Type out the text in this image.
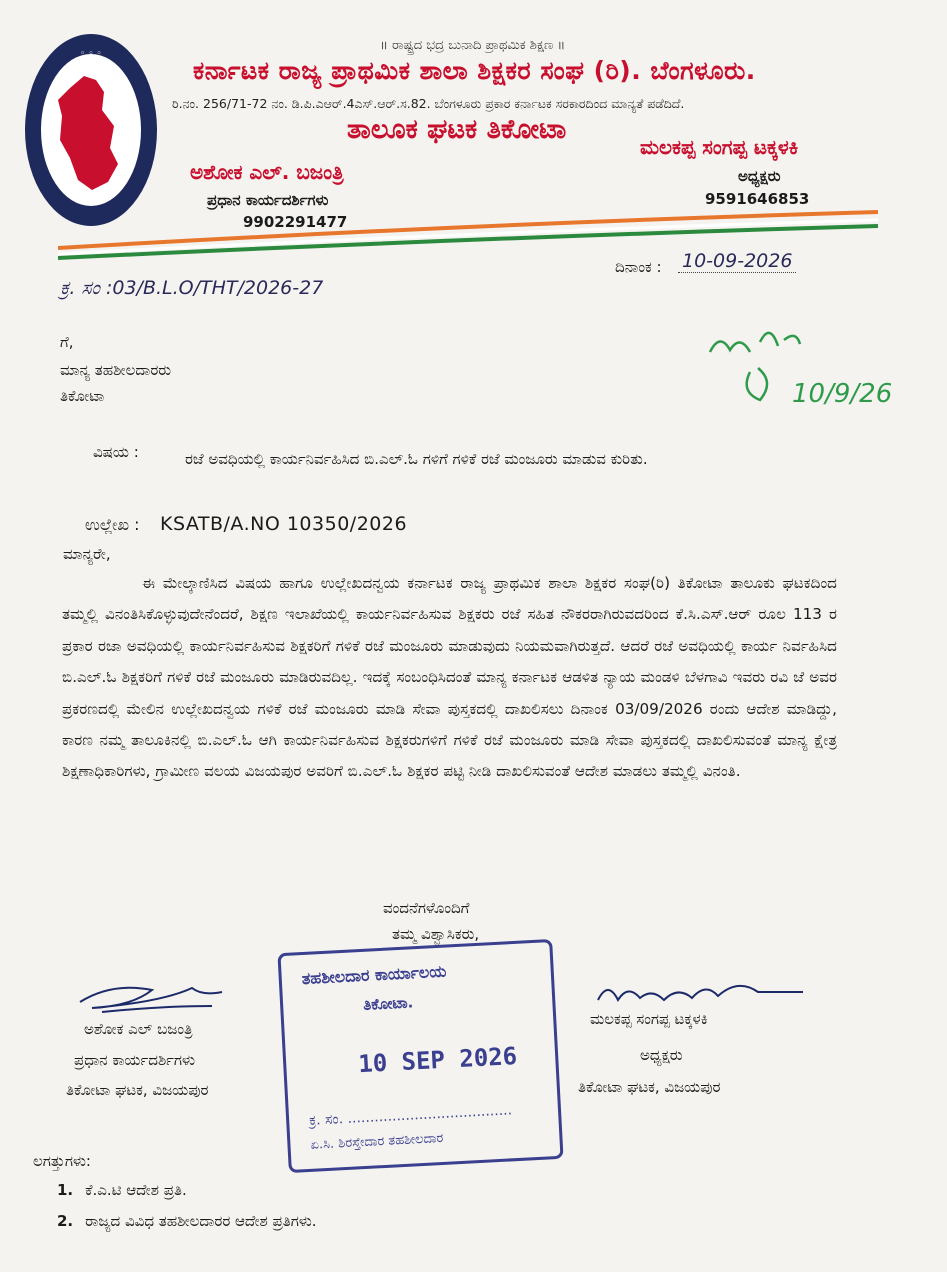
◦ ◦ ◦
॥ ರಾಷ್ಟ್ರದ ಭದ್ರ ಬುನಾದಿ ಪ್ರಾಥಮಿಕ ಶಿಕ್ಷಣ ॥
ಕರ್ನಾಟಕ ರಾಜ್ಯ ಪ್ರಾಥಮಿಕ ಶಾಲಾ ಶಿಕ್ಷಕರ ಸಂಘ (ರಿ). ಬೆಂಗಳೂರು.
ರಿ.ನಂ. 256/71-72 ನಂ. ಡಿ.ಪಿ.ಎಆರ್.4ಎಸ್.ಆರ್.ಸ.82. ಬೆಂಗಳೂರು ಪ್ರಕಾರ ಕರ್ನಾಟಕ ಸರಕಾರದಿಂದ ಮಾನ್ಯತೆ ಪಡೆದಿದೆ.
ತಾಲೂಕ ಘಟಕ ತಿಕೋಟಾ
ಅಶೋಕ ಎಲ್. ಬಜಂತ್ರಿ
ಪ್ರಧಾನ ಕಾರ್ಯದರ್ಶಿಗಳು
9902291477
ಮಲಕಪ್ಪ ಸಂಗಪ್ಪ ಟಕ್ಕಳಕಿ
ಅಧ್ಯಕ್ಷರು
9591646853
ಕ್ರ. ಸಂ :03/B.L.O/THT/2026-27
ದಿನಾಂಕ : 10-09-2026
ಗೆ,
ಮಾನ್ಯ ತಹಶೀಲದಾರರು
ತಿಕೋಟಾ	10/9/26
ವಿಷಯ :	ರಜೆ ಅವಧಿಯಲ್ಲಿ ಕಾರ್ಯನಿರ್ವಹಿಸಿದ ಬಿ.ಎಲ್.ಓ ಗಳಿಗೆ ಗಳಿಕೆ ರಜೆ ಮಂಜೂರು ಮಾಡುವ ಕುರಿತು.
ಉಲ್ಲೇಖ : KSATB/A.NO 10350/2026
ಮಾನ್ಯರೇ,
ಈ ಮೇಲ್ಕಾಣಿಸಿದ ವಿಷಯ ಹಾಗೂ ಉಲ್ಲೇಖದನ್ವಯ ಕರ್ನಾಟಕ ರಾಜ್ಯ ಪ್ರಾಥಮಿಕ ಶಾಲಾ ಶಿಕ್ಷಕರ ಸಂಘ(ರಿ) ತಿಕೋಟಾ ತಾಲೂಕು ಘಟಕದಿಂದ ತಮ್ಮಲ್ಲಿ ವಿನಂತಿಸಿಕೊಳ್ಳುವುದೇನೆಂದರೆ, ಶಿಕ್ಷಣ ಇಲಾಖೆಯಲ್ಲಿ ಕಾರ್ಯನಿರ್ವಹಿಸುವ ಶಿಕ್ಷಕರು ರಜೆ ಸಹಿತ ನೌಕರರಾಗಿರುವದರಿಂದ ಕೆ.ಸಿ.ಎಸ್.ಆರ್ ರೂಲ 113 ರ ಪ್ರಕಾರ ರಜಾ ಅವಧಿಯಲ್ಲಿ ಕಾರ್ಯನಿರ್ವಹಿಸುವ ಶಿಕ್ಷಕರಿಗೆ ಗಳಿಕೆ ರಜೆ ಮಂಜೂರು ಮಾಡುವುದು ನಿಯಮವಾಗಿರುತ್ತದೆ. ಆದರೆ ರಜೆ ಅವಧಿಯಲ್ಲಿ ಕಾರ್ಯ ನಿರ್ವಹಿಸಿದ ಬಿ.ಎಲ್.ಓ ಶಿಕ್ಷಕರಿಗೆ ಗಳಿಕೆ ರಜೆ ಮಂಜೂರು ಮಾಡಿರುವದಿಲ್ಲ. ಇದಕ್ಕೆ ಸಂಬಂಧಿಸಿದಂತೆ ಮಾನ್ಯ ಕರ್ನಾಟಕ ಆಡಳಿತ ನ್ಯಾಯ ಮಂಡಳಿ ಬೆಳಗಾವಿ ಇವರು ರವಿ ಜೆ ಅವರ ಪ್ರಕರಣದಲ್ಲಿ ಮೇಲಿನ ಉಲ್ಲೇಖದನ್ವಯ ಗಳಿಕೆ ರಜೆ ಮಂಜೂರು ಮಾಡಿ ಸೇವಾ ಪುಸ್ತಕದಲ್ಲಿ ದಾಖಲಿಸಲು ದಿನಾಂಕ 03/09/2026 ರಂದು ಆದೇಶ ಮಾಡಿದ್ದು, ಕಾರಣ ನಮ್ಮ ತಾಲೂಕಿನಲ್ಲಿ ಬಿ.ಎಲ್.ಓ ಆಗಿ ಕಾರ್ಯನಿರ್ವಹಿಸುವ ಶಿಕ್ಷಕರುಗಳಿಗೆ ಗಳಿಕೆ ರಜೆ ಮಂಜೂರು ಮಾಡಿ ಸೇವಾ ಪುಸ್ತಕದಲ್ಲಿ ದಾಖಲಿಸುವಂತೆ ಮಾನ್ಯ ಕ್ಷೇತ್ರ ಶಿಕ್ಷಣಾಧಿಕಾರಿಗಳು, ಗ್ರಾಮೀಣ ವಲಯ ವಿಜಯಪುರ ಅವರಿಗೆ ಬಿ.ಎಲ್.ಓ ಶಿಕ್ಷಕರ ಪಟ್ಟಿ ನೀಡಿ ದಾಖಲಿಸುವಂತೆ ಆದೇಶ ಮಾಡಲು ತಮ್ಮಲ್ಲಿ ವಿನಂತಿ.
ವಂದನೆಗಳೊಂದಿಗೆ
ತಮ್ಮ ವಿಶ್ವಾಸಿಕರು,
ಅಶೋಕ ಎಲ್ ಬಜಂತ್ರಿ
ಪ್ರಧಾನ ಕಾರ್ಯದರ್ಶಿಗಳು
ತಿಕೋಟಾ ಘಟಕ, ವಿಜಯಪುರ
ಮಲಕಪ್ಪ ಸಂಗಪ್ಪ ಟಕ್ಕಳಕಿ
ಅಧ್ಯಕ್ಷರು
ತಿಕೋಟಾ ಘಟಕ, ವಿಜಯಪುರ
ತಹಶೀಲದಾರ ಕಾರ್ಯಾಲಯ
ತಿಕೋಟಾ.
10 SEP 2026
ಕ್ರ. ಸಂ. .....................................
ಏ.ಸಿ. ಶಿರಸ್ತೇದಾರ ತಹಶೀಲದಾರ
ಲಗತ್ತುಗಳು:
1. ಕೆ.ಎ.ಟಿ ಆದೇಶ ಪ್ರತಿ.
2. ರಾಜ್ಯದ ವಿವಿಧ ತಹಶೀಲದಾರರ ಆದೇಶ ಪ್ರತಿಗಳು.
